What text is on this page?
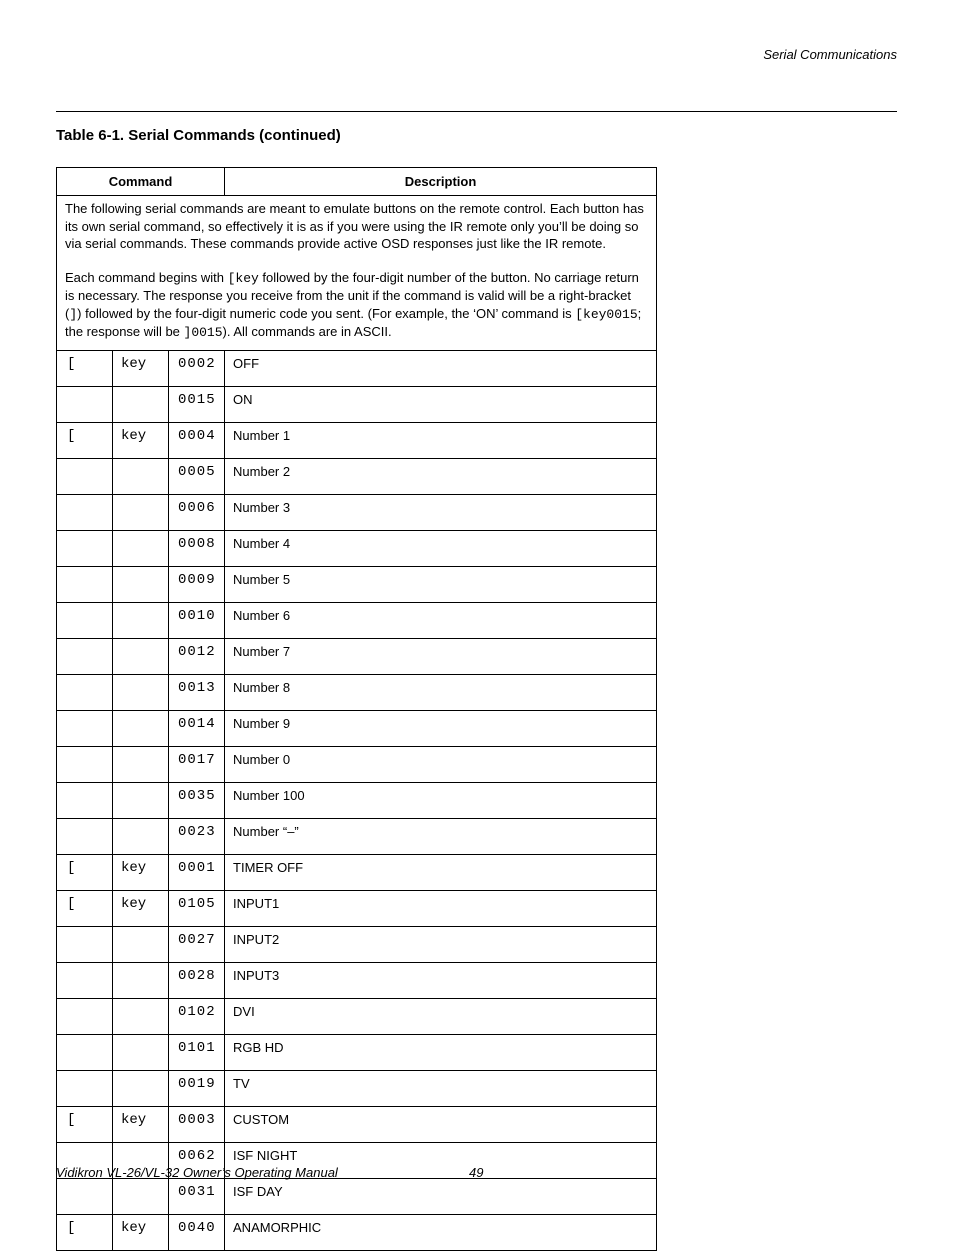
Serial Communications
Table 6-1. Serial Commands (continued)
Command			Description

The following serial commands are meant to emulate buttons on the remote control. Each button has its own serial command, so effectively it is as if you were using the IR remote only you’ll be doing so via serial commands. These commands provide active OSD responses just like the IR remote.

Each command begins with [key followed by the four-digit number of the button. No carriage return is necessary. The response you receive from the unit if the command is valid will be a right-bracket (]) followed by the four-digit numeric code you sent. (For example, the ‘ON’ command is [key0015; the response will be ]0015). All commands are in ASCII.			

[	key	0002	OFF
		0015	ON
[	key	0004	Number 1
		0005	Number 2
		0006	Number 3
		0008	Number 4
		0009	Number 5
		0010	Number 6
		0012	Number 7
		0013	Number 8
		0014	Number 9
		0017	Number 0
		0035	Number 100
		0023	Number “–”
[	key	0001	TIMER OFF
[	key	0105	INPUT1
		0027	INPUT2
		0028	INPUT3
		0102	DVI
		0101	RGB HD
		0019	TV
[	key	0003	CUSTOM
		0062	ISF NIGHT
		0031	ISF DAY
[	key	0040	ANAMORPHIC
Vidikron VL-26/VL-32 Owner’s Operating Manual	49
